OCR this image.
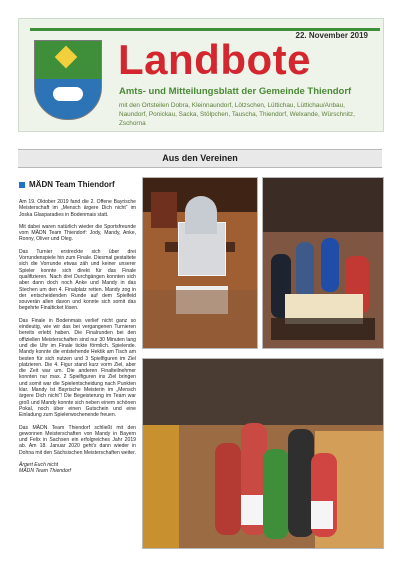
22. November 2019
Landbote
Amts- und Mitteilungsblatt der Gemeinde Thiendorf
mit den Ortsteilen Dobra, Kleinnaundorf, Lötzschen, Lüttichau, Lüttichau/Anbau, Naundorf, Ponickau, Sacka, Stölpchen, Tauscha, Thiendorf, Welxande, Würschnitz, Zschorna
Aus den Vereinen
MÄDN Team Thiendorf

Am 19. Oktober 2019 fand die 2. Offene Bayrische Meisterschaft im „Mensch ärgere Dich nicht“ im Joska Glasparadies in Bodenmais statt.

Mit dabei waren natürlich wieder die Sportsfreunde vom MÄDN Team Thiendorf: Jody, Mandy, Anke, Ronny, Oliver und Oleg.

Das Turnier erstreckte sich über drei Vorrundenspiele hin zum Finale. Diesmal gestaltete sich die Vorrunde etwas zäh und keiner unserer Spieler konnte sich direkt für das Finale qualifizieren. Nach drei Durchgängen konnten sich aber dann doch noch Anke und Mandy in das Stechen um den 4. Finalplatz retten. Mandy zog in der entscheidenden Runde auf dem Spielfeld souverän allen davon und konnte sich somit das begehrte Finalticket lösen.

Das Finale in Bodenmais verlief nicht ganz so eindeutig, wie wir das bei vergangenen Turnieren bereits erlebt haben. Die Finalrunden bei den offiziellen Meisterschaften sind nur 30 Minuten lang und die Uhr im Finale tickte förmlich. Spielende. Mandy konnte die entstehende Hektik am Tisch am besten für sich nutzen und 3 Spielfiguren im Ziel platzieren. Die 4. Figur stand kurz vorm Ziel, aber die Zeit war um. Die anderen Finalteilnehmer konnten nur max. 2 Spielfiguren ins Ziel bringen und somit war die Spielentscheidung nach Punkten klar. Mandy ist Bayrische Meisterin im „Mensch ärgere Dich nicht“! Die Begeisterung im Team war groß und Mandy konnte sich neben einem schönen Pokal, noch über einen Gutschein und eine Einladung zum Spielerwochenende freuen.

Das MÄDN Team Thiendorf schließt mit den gewonnen Meisterschaften von Mandy in Bayern und Felix in Sachsen ein erfolgreiches Jahr 2019 ab. Am 18. Januar 2020 geht’s dann wieder in Dohna mit den Sächsischen Meisterschaften weiter.

Ärgert Euch nicht

MÄDN Team Thiendorf
